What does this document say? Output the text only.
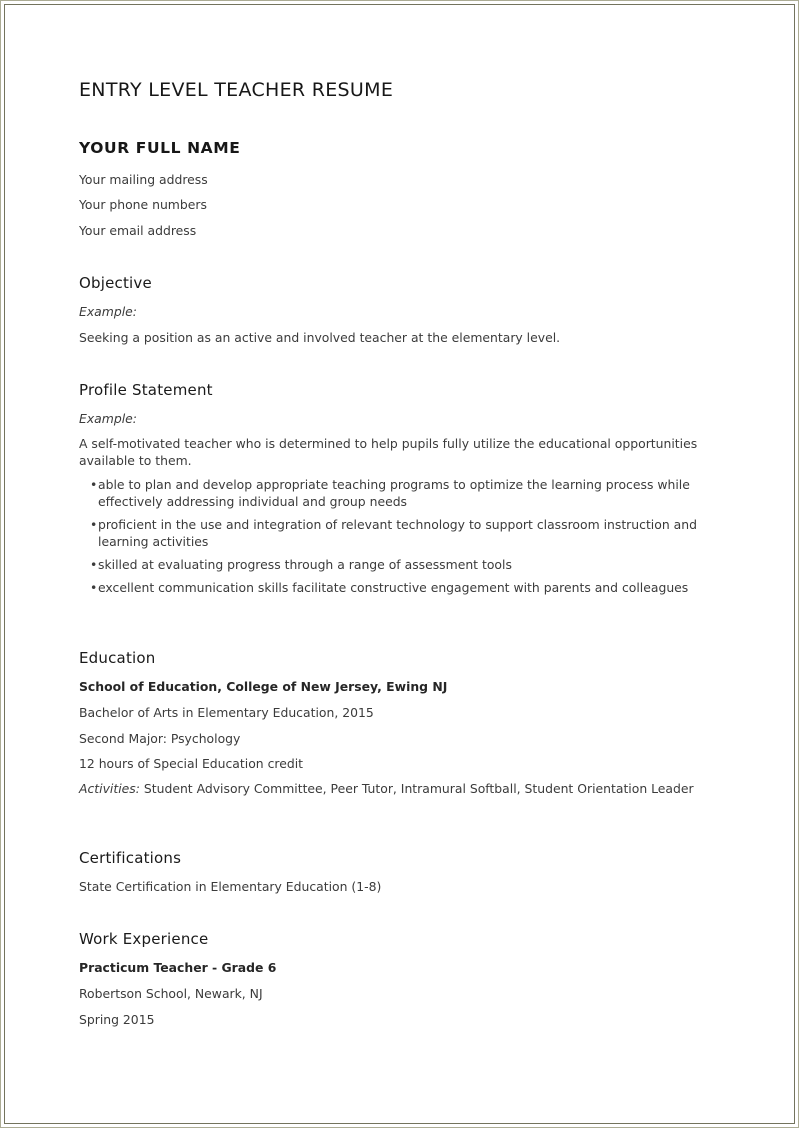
ENTRY LEVEL TEACHER RESUME
YOUR FULL NAME

Your mailing address

Your phone numbers

Your email address

Objective

Example:

Seeking a position as an active and involved teacher at the elementary level.

Profile Statement

Example:

A self-motivated teacher who is determined to help pupils fully utilize the educational opportunities available to them.

• able to plan and develop appropriate teaching programs to optimize the learning process while effectively addressing individual and group needs
• proficient in the use and integration of relevant technology to support classroom instruction and learning activities
• skilled at evaluating progress through a range of assessment tools
• excellent communication skills facilitate constructive engagement with parents and colleagues
Education

School of Education, College of New Jersey, Ewing NJ

Bachelor of Arts in Elementary Education, 2015

Second Major: Psychology

12 hours of Special Education credit

Activities: Student Advisory Committee, Peer Tutor, Intramural Softball, Student Orientation Leader

Certifications

State Certification in Elementary Education (1-8)

Work Experience

Practicum Teacher - Grade 6

Robertson School, Newark, NJ

Spring 2015
